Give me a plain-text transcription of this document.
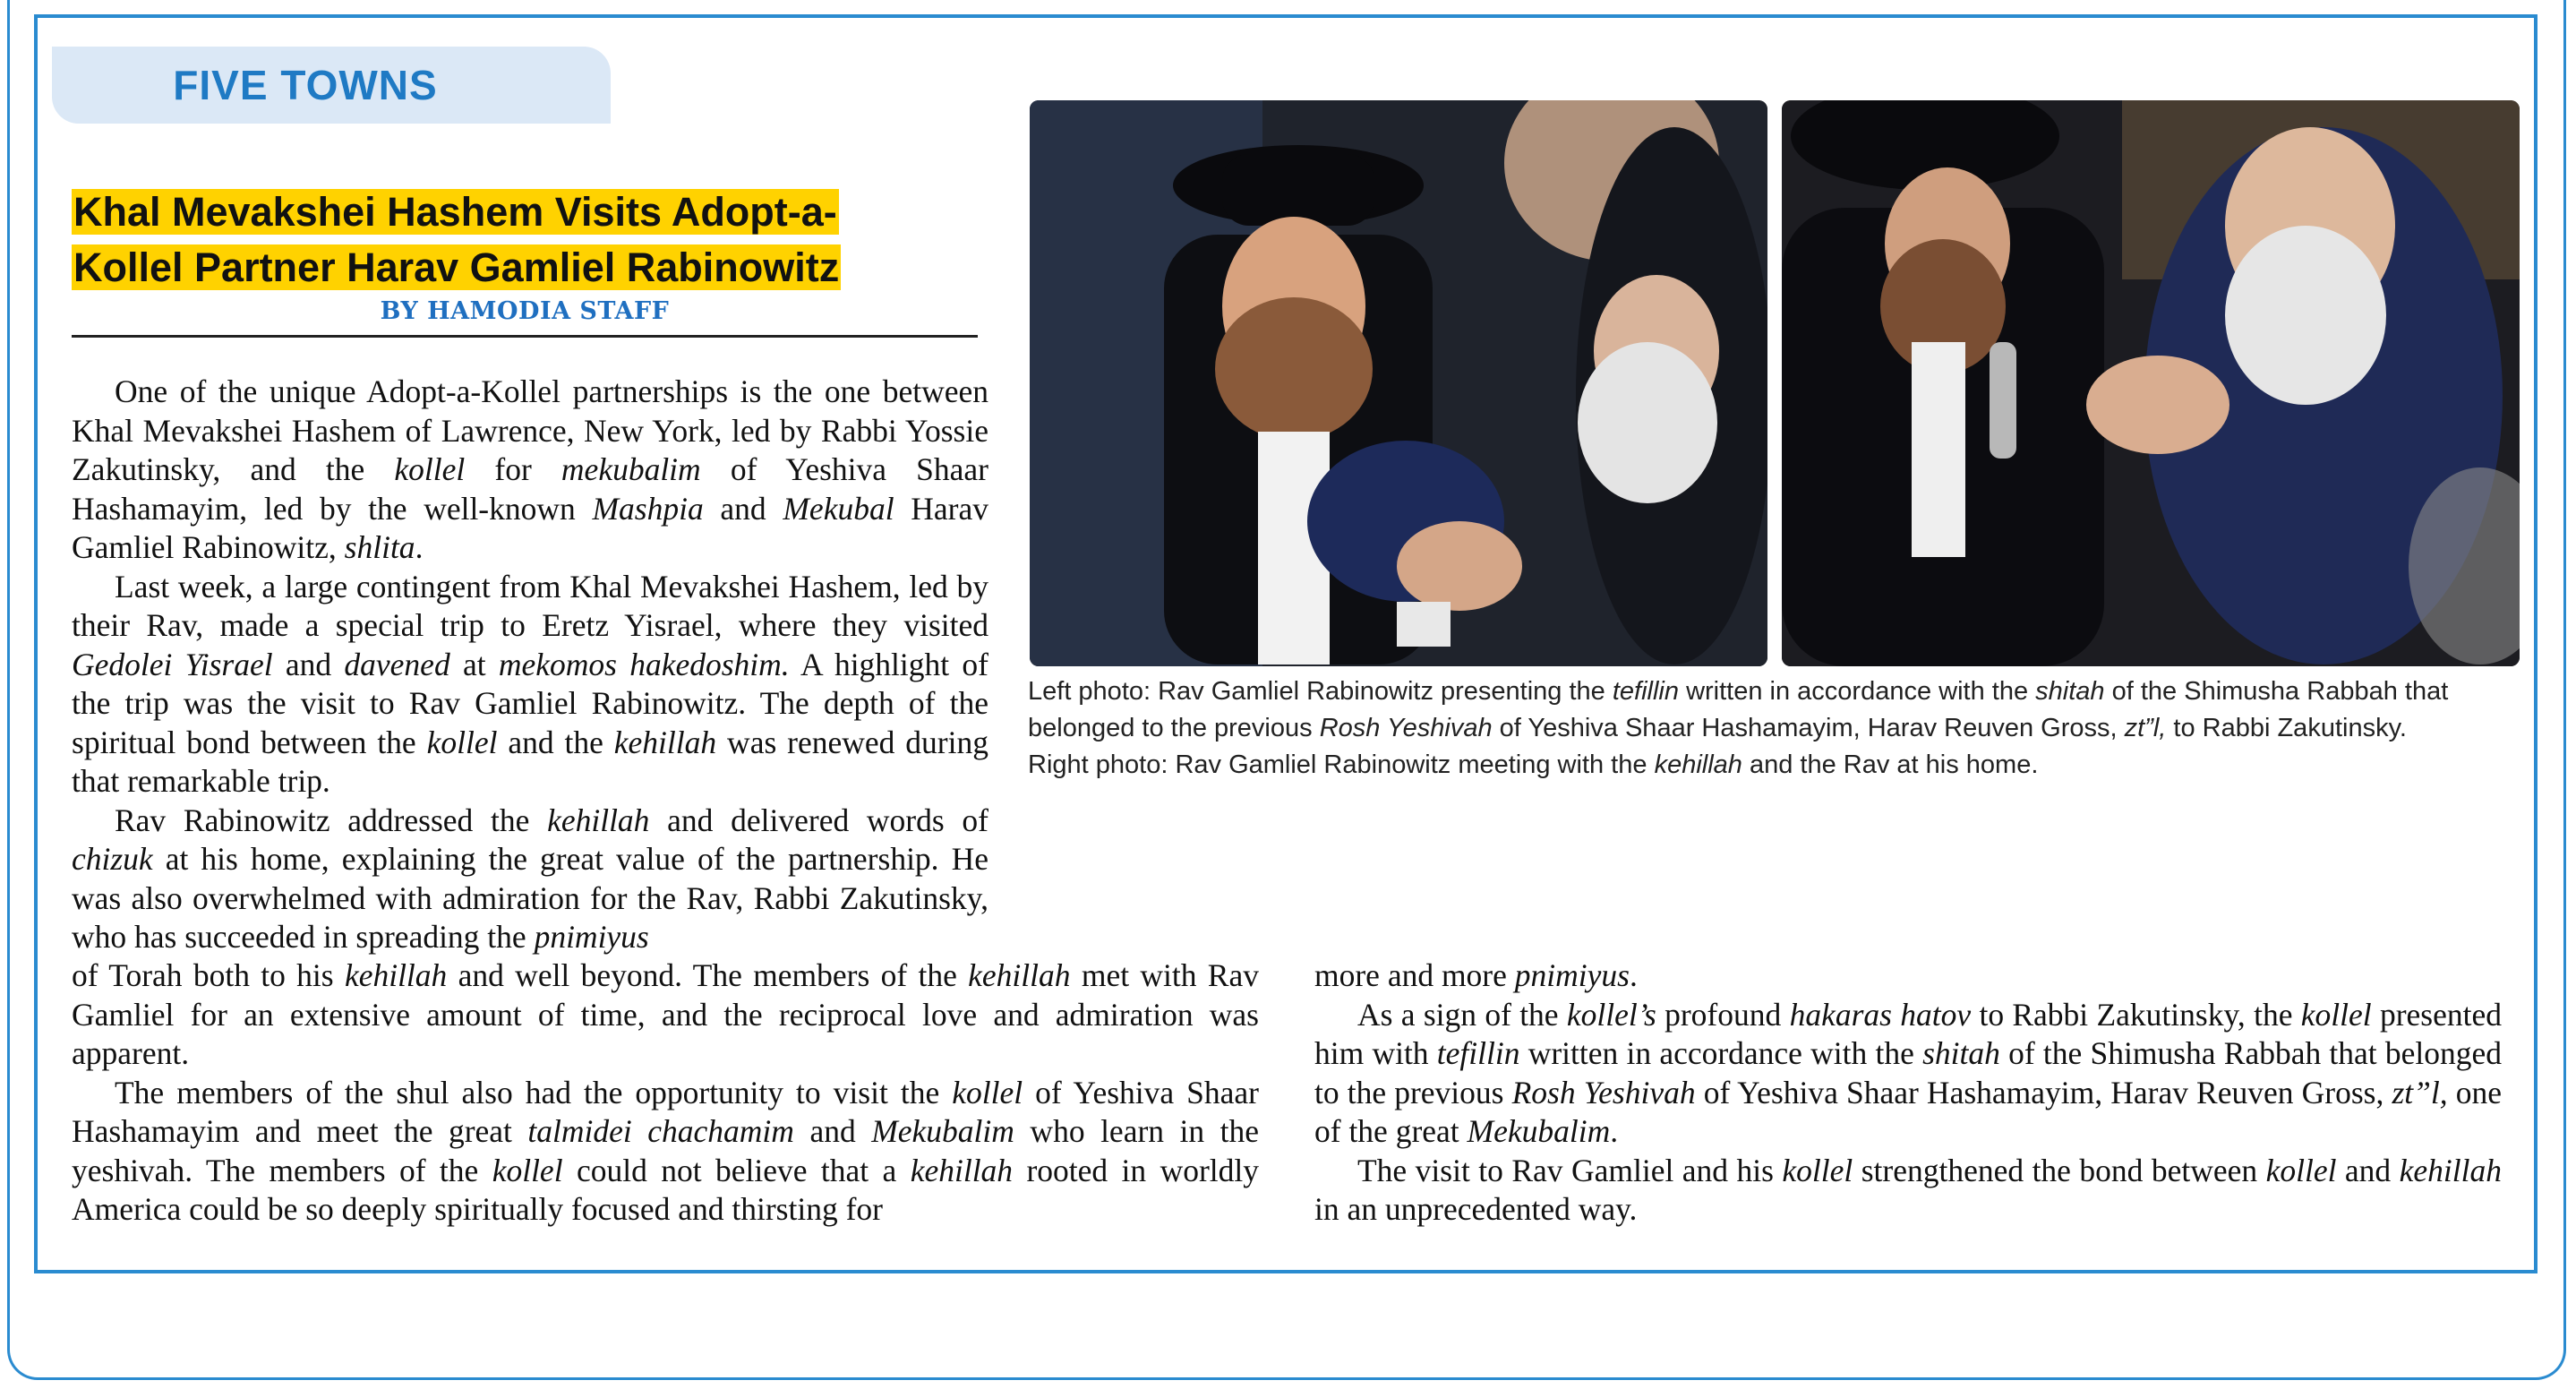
FIVE TOWNS
Khal Mevakshei Hashem Visits Adopt-a-
Kollel Partner Harav Gamliel Rabinowitz
BY HAMODIA STAFF
Left photo: Rav Gamliel Rabinowitz presenting the tefillin written in accordance with the shitah of the Shimusha Rabbah that belonged to the previous Rosh Yeshivah of Yeshiva Shaar Hashamayim, Harav Reuven Gross, zt”l, to Rabbi Zakutinsky.
Right photo: Rav Gamliel Rabinowitz meeting with the kehillah and the Rav at his home.

One of the unique Adopt-a-Kollel partnerships is the one between Khal Mevakshei Hashem of Lawrence, New York, led by Rabbi Yossie Zakutinsky, and the kollel for mekubalim of Yeshiva Shaar Hashamayim, led by the well-known Mashpia and Mekubal Harav Gamliel Rabinowitz, shlita.

Last week, a large contingent from Khal Mevakshei Hashem, led by their Rav, made a special trip to Eretz Yisrael, where they visited Gedolei Yisrael and davened at mekomos hakedoshim. A highlight of the trip was the visit to Rav Gamliel Rabinowitz. The depth of the spiritual bond between the kollel and the kehillah was renewed during that remarkable trip.

Rav Rabinowitz addressed the kehillah and delivered words of chizuk at his home, explaining the great value of the partnership. He was also overwhelmed with admiration for the Rav, Rabbi Zakutinsky, who has succeeded in spreading the pnimiyus

of Torah both to his kehillah and well beyond. The members of the kehillah met with Rav Gamliel for an extensive amount of time, and the reciprocal love and admiration was apparent.

The members of the shul also had the opportunity to visit the kollel of Yeshiva Shaar Hashamayim and meet the great talmidei chachamim and Mekubalim who learn in the yeshivah. The members of the kollel could not believe that a kehillah rooted in worldly America could be so deeply spiritually focused and thirsting for

more and more pnimiyus.

As a sign of the kollel’s profound hakaras hatov to Rabbi Zakutinsky, the kollel presented him with tefillin written in accordance with the shitah of the Shimusha Rabbah that belonged to the previous Rosh Yeshivah of Yeshiva Shaar Hashamayim, Harav Reuven Gross, zt”l, one of the great Mekubalim.

The visit to Rav Gamliel and his kollel strengthened the bond between kollel and kehillah in an unprecedented way.
